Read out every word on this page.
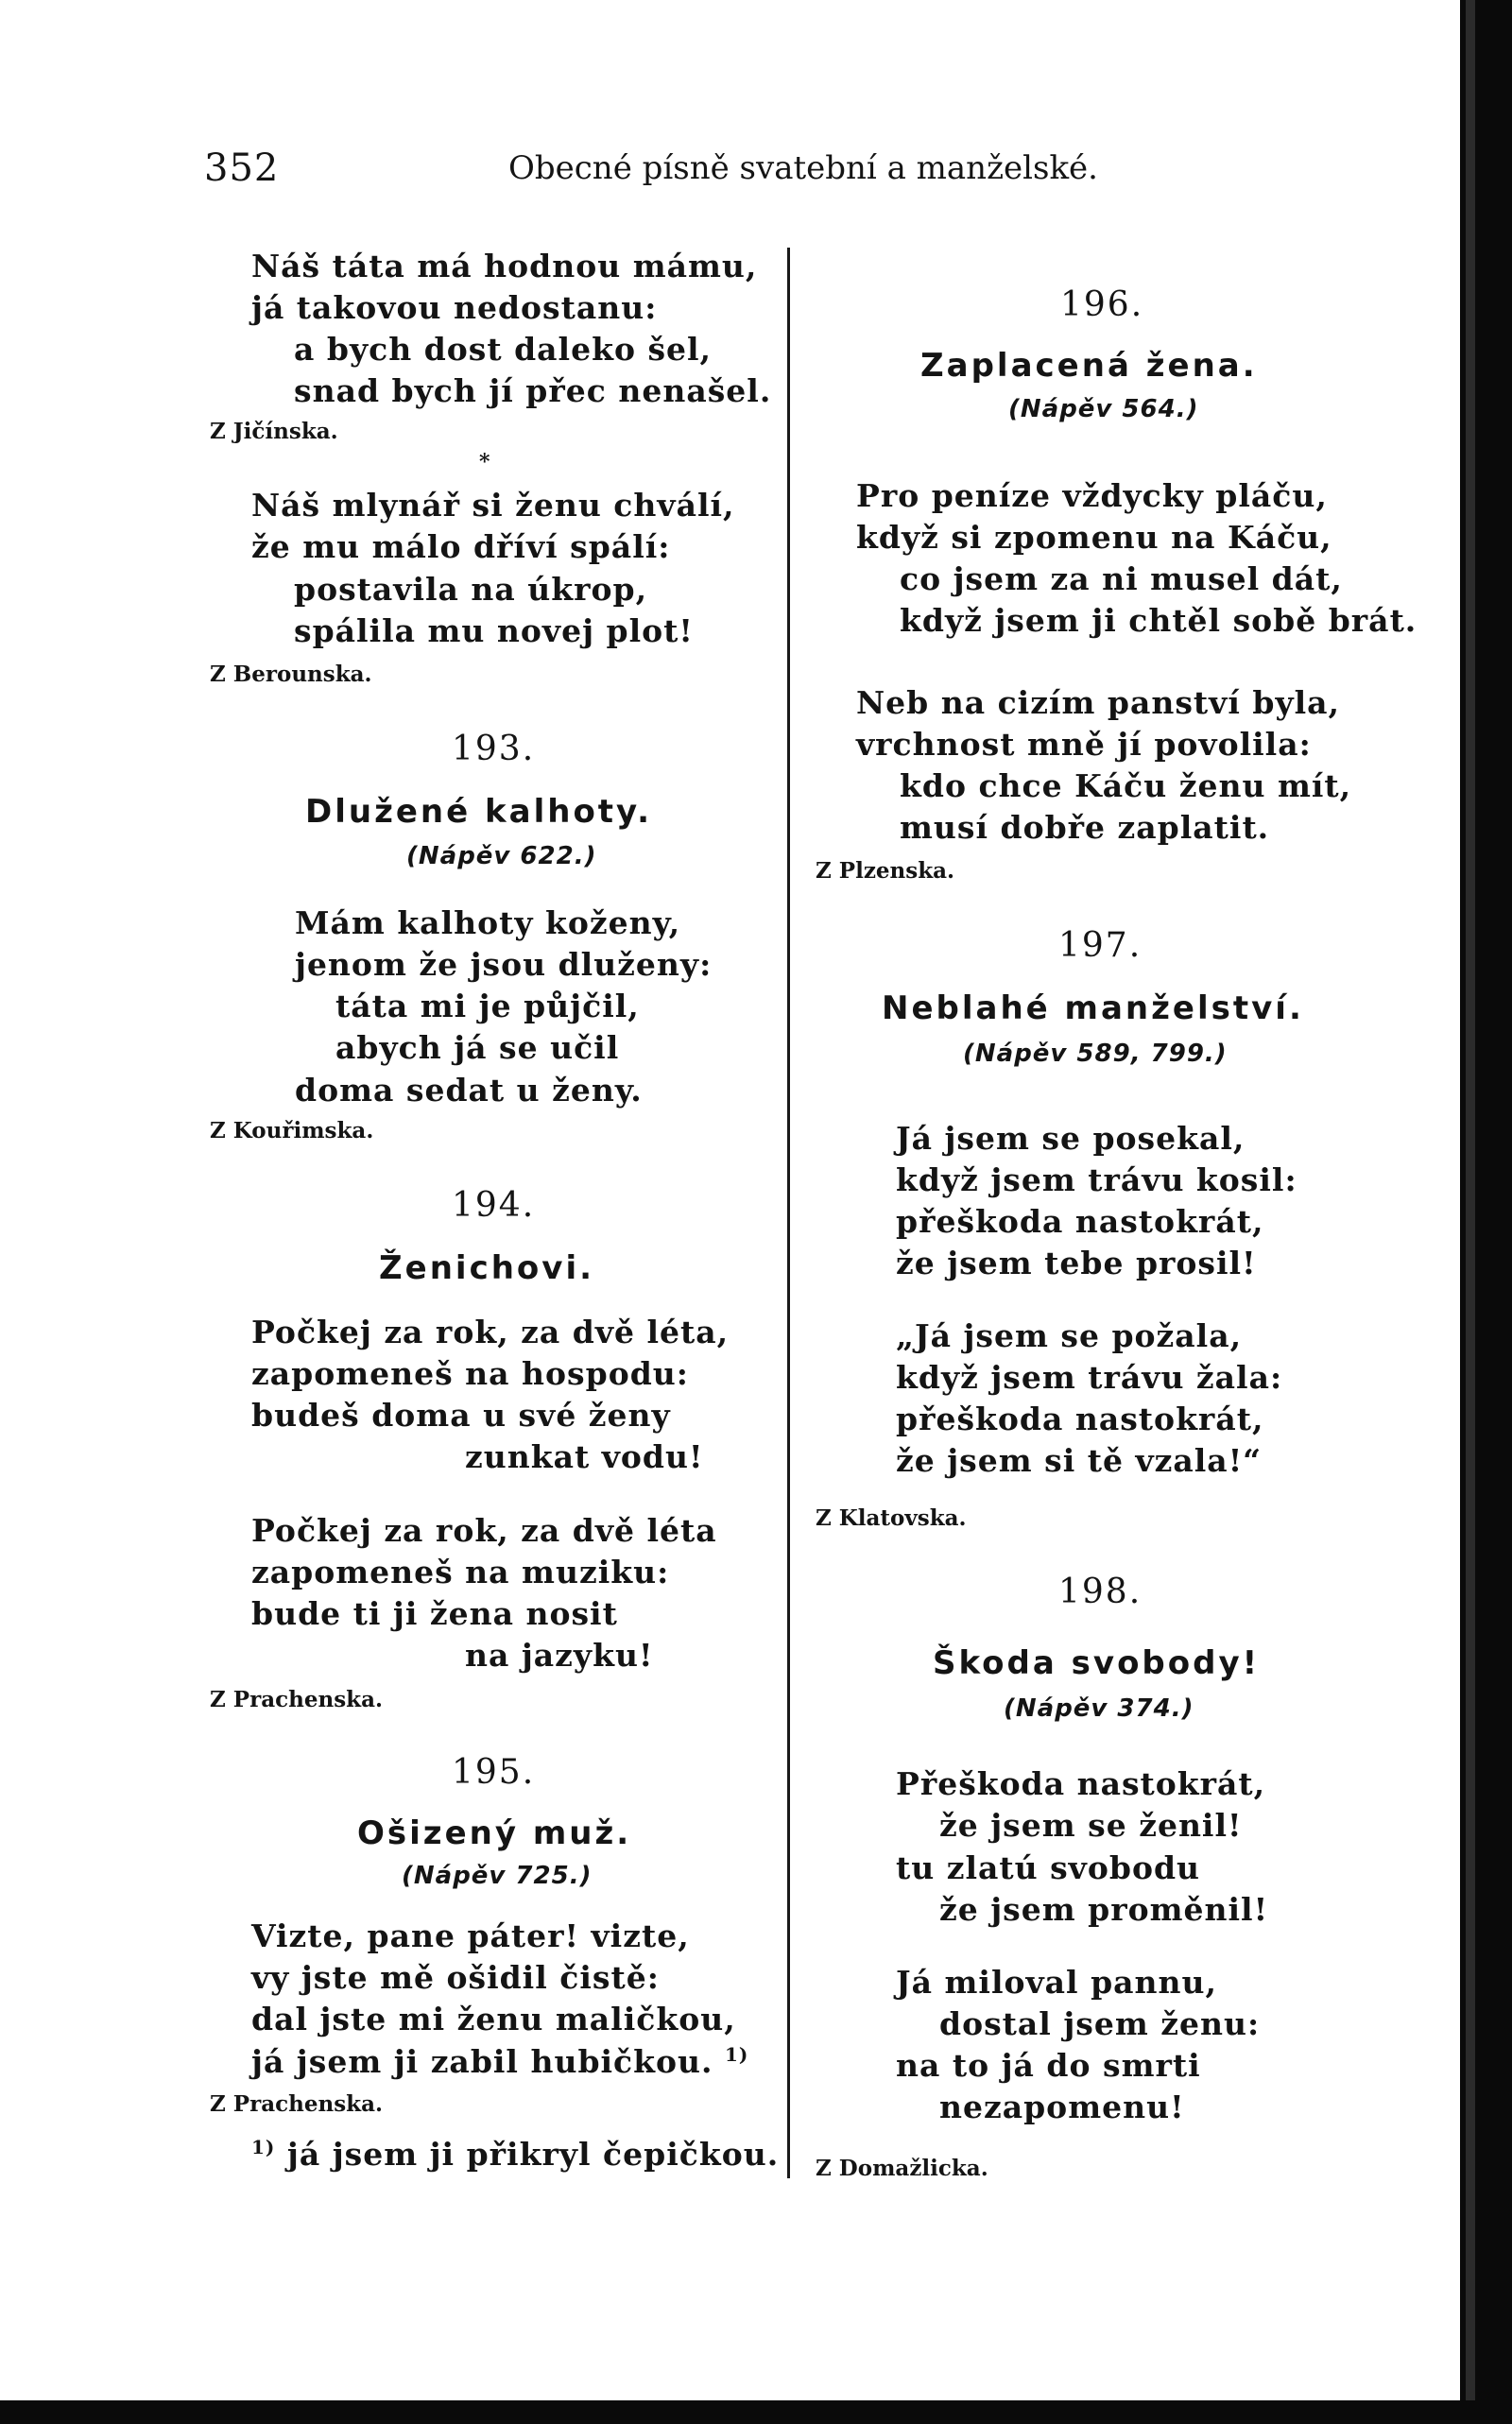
352	Obecné písně svatební a manželské.
Náš táta má hodnou mámu,
já takovou nedostanu:
a bych dost daleko šel,
snad bych jí přec nenašel.
Z Jičínska.
*
Náš mlynář si ženu chválí,
že mu málo dříví spálí:
postavila na úkrop,
spálila mu novej plot!
Z Berounska.
193.
Dlužené kalhoty.
(Nápěv 622.)
Mám kalhoty koženy,
jenom že jsou dluženy:
táta mi je půjčil,
abych já se učil
doma sedat u ženy.
Z Kouřimska.
194.
Ženichovi.
Počkej za rok, za dvě léta,
zapomeneš na hospodu:
budeš doma u své ženy
zunkat vodu!
Počkej za rok, za dvě léta
zapomeneš na muziku:
bude ti ji žena nosit
na jazyku!
Z Prachenska.
195.
Ošizený muž.
(Nápěv 725.)
Vizte, pane páter! vizte,
vy jste mě ošidil čistě:
dal jste mi ženu maličkou,
já jsem ji zabil hubičkou. $^{1)}$
Z Prachenska.
$^{1)}$ já jsem ji přikryl čepičkou.
196.
Zaplacená žena.
(Nápěv 564.)
Pro peníze vždycky pláču,
když si zpomenu na Káču,
co jsem za ni musel dát,
když jsem ji chtěl sobě brát.
Neb na cizím panství byla,
vrchnost mně jí povolila:
kdo chce Káču ženu mít,
musí dobře zaplatit.
Z Plzenska.
197.
Neblahé manželství.
(Nápěv 589, 799.)
Já jsem se posekal,
když jsem trávu kosil:
přeškoda nastokrát,
že jsem tebe prosil!
„Já jsem se požala,
když jsem trávu žala:
přeškoda nastokrát,
že jsem si tě vzala!“
Z Klatovska.
198.
Škoda svobody!
(Nápěv 374.)
Přeškoda nastokrát,
že jsem se ženil!
tu zlatú svobodu
že jsem proměnil!
Já miloval pannu,
dostal jsem ženu:
na to já do smrti
nezapomenu!
Z Domažlicka.
